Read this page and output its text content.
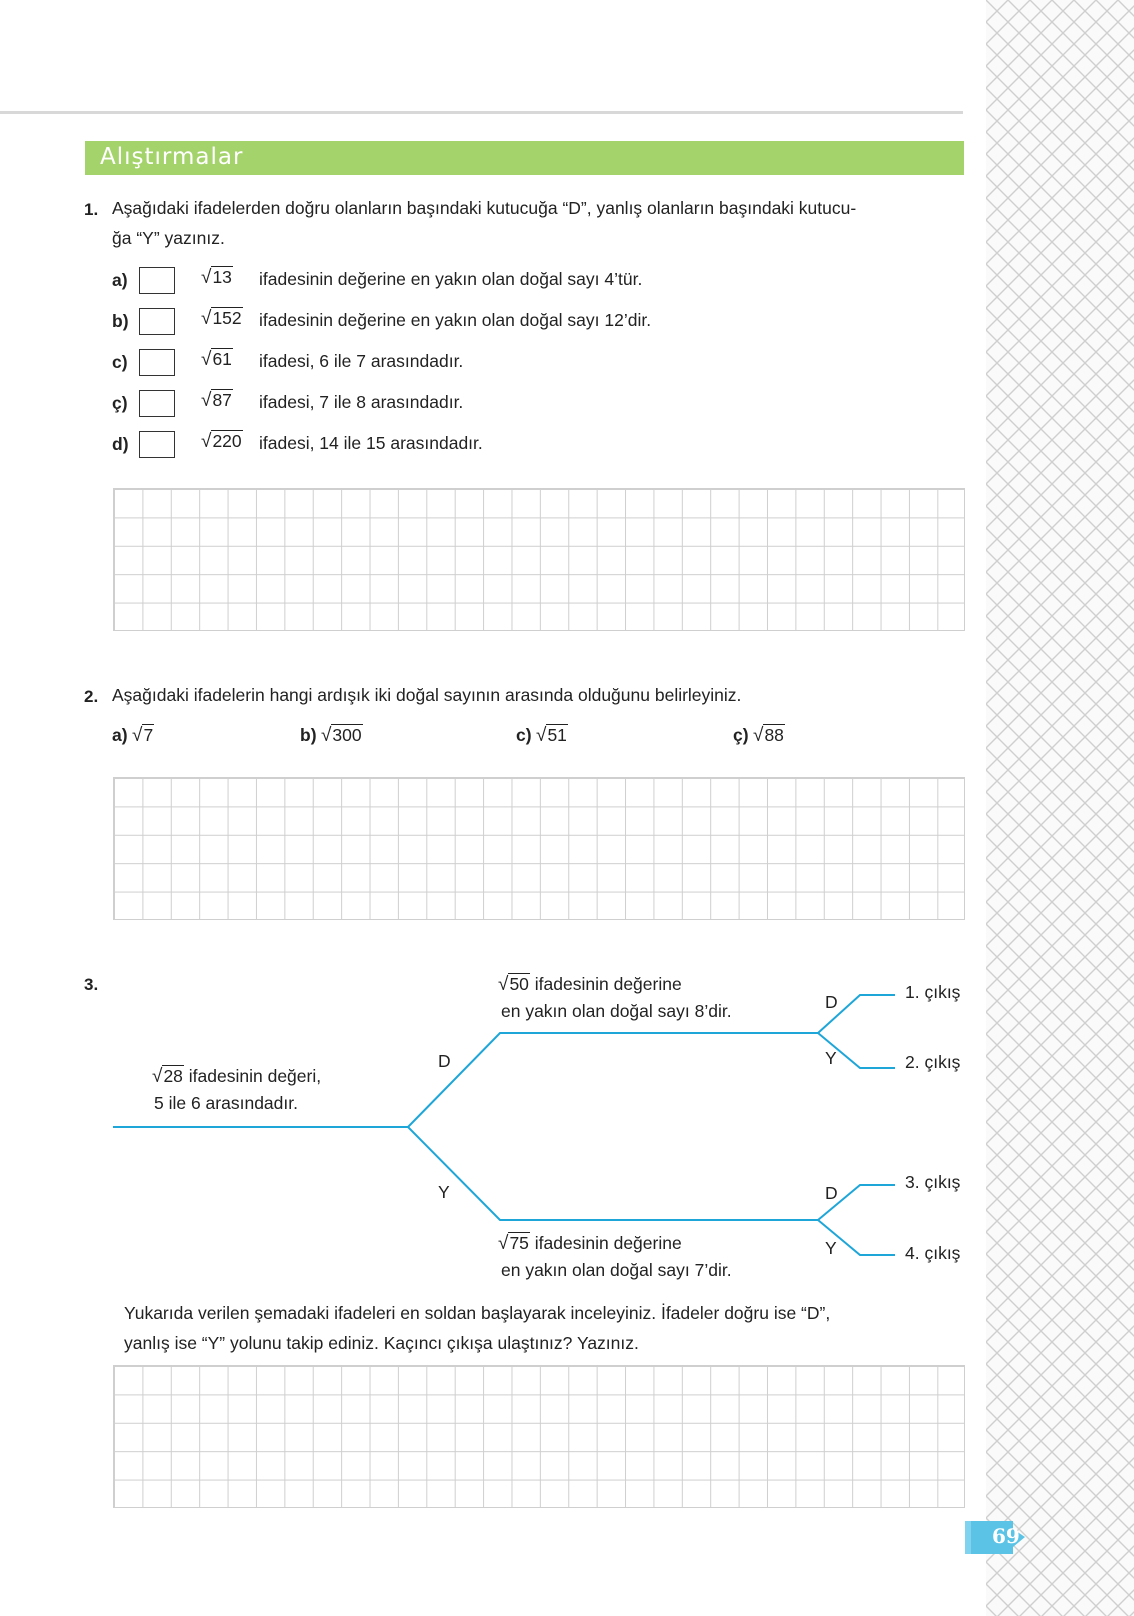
Alıştırmalar
1. Aşağıdaki ifadelerden doğru olanların başındaki kutucuğa “D”, yanlış olanların başındaki kutucu-
ğa “Y” yazınız.
a)	√13 ifadesinin değerine en yakın olan doğal sayı 4’tür.
b)	√152 ifadesinin değerine en yakın olan doğal sayı 12’dir.
c)	√61 ifadesi, 6 ile 7 arasındadır.
ç)	√87 ifadesi, 7 ile 8 arasındadır.
d)	√220 ifadesi, 14 ile 15 arasındadır.
2. Aşağıdaki ifadelerin hangi ardışık iki doğal sayının arasında olduğunu belirleyiniz.
a) √7	b) √300	c) √51	ç) √88
3.
√28 ifadesinin değeri,
5 ile 6 arasındadır.
√50 ifadesinin değerine
en yakın olan doğal sayı 8’dir.
√75 ifadesinin değerine
en yakın olan doğal sayı 7’dir.
D
Y
D
Y
D
Y
1. çıkış
2. çıkış
3. çıkış
4. çıkış
Yukarıda verilen şemadaki ifadeleri en soldan başlayarak inceleyiniz. İfadeler doğru ise “D”,
yanlış ise “Y” yolunu takip ediniz. Kaçıncı çıkışa ulaştınız? Yazınız.
69
